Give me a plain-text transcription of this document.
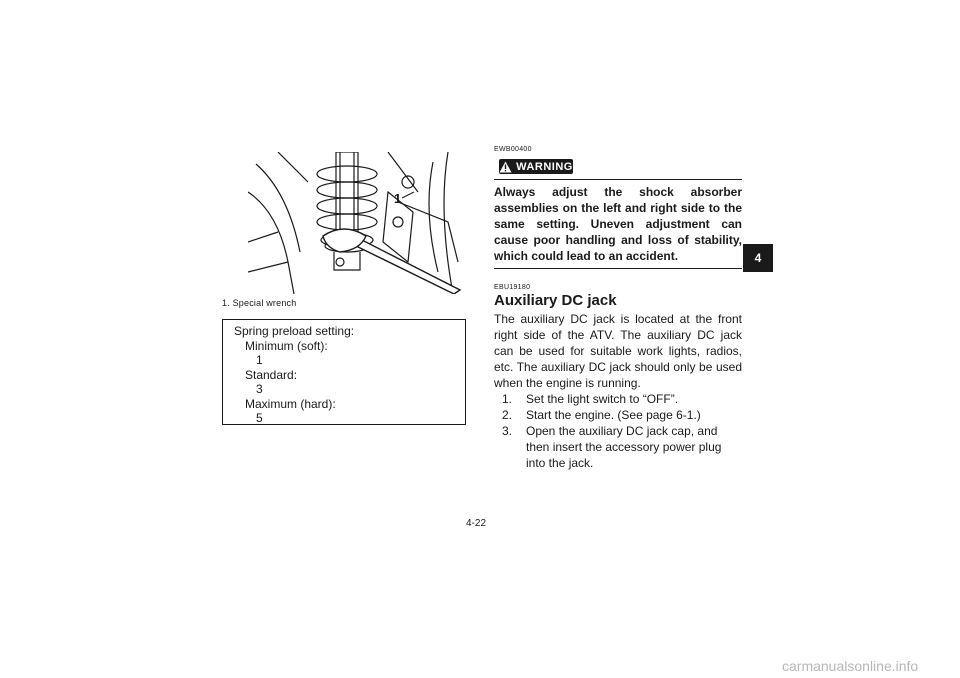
1
1. Special wrench
Spring preload setting:
Minimum (soft):
1
Standard:
3
Maximum (hard):
5
EWB00400
WARNING
Always adjust the shock absorber assemblies on the left and right side to the same setting. Uneven adjustment can cause poor handling and loss of stability, which could lead to an accident.
EBU19180
Auxiliary DC jack
The auxiliary DC jack is located at the front right side of the ATV. The auxiliary DC jack can be used for suitable work lights, radios, etc. The auxiliary DC jack should only be used when the engine is running.
1. Set the light switch to “OFF”.
2. Start the engine. (See page 6-1.)
3. Open the auxiliary DC jack cap, and then insert the accessory power plug into the jack.
4-22
4
carmanualsonline.info
